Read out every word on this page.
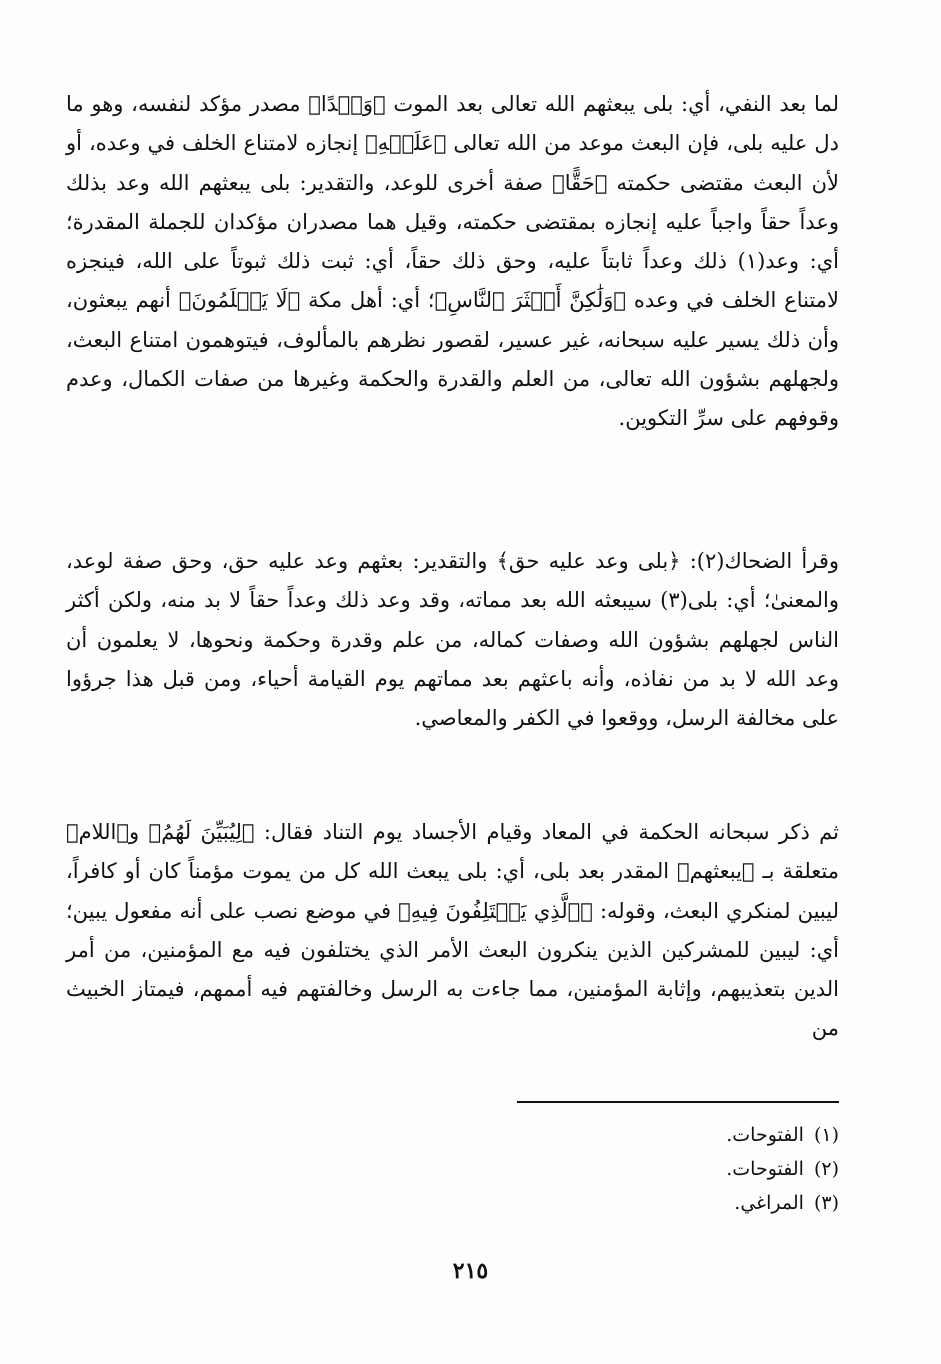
لما بعد النفي، أي: بلى يبعثهم الله تعالى بعد الموت ﴿وَعۡدًا﴾ مصدر مؤكد لنفسه، وهو ما دل عليه بلى، فإن البعث موعد من الله تعالى ﴿عَلَيۡهِ﴾ إنجازه لامتناع الخلف في وعده، أو لأن البعث مقتضى حكمته ﴿حَقًّا﴾ صفة أخرى للوعد، والتقدير: بلى يبعثهم الله وعد بذلك وعداً حقاً واجباً عليه إنجازه بمقتضى حكمته، وقيل هما مصدران مؤكدان للجملة المقدرة؛ أي: وعد(١) ذلك وعداً ثابتاً عليه، وحق ذلك حقاً، أي: ثبت ذلك ثبوتاً على الله، فينجزه لامتناع الخلف في وعده ﴿وَلَٰكِنَّ أَكۡثَرَ ٱلنَّاسِ﴾؛ أي: أهل مكة ﴿لَا يَعۡلَمُونَ﴾ أنهم يبعثون، وأن ذلك يسير عليه سبحانه، غير عسير، لقصور نظرهم بالمألوف، فيتوهمون امتناع البعث، ولجهلهم بشؤون الله تعالى، من العلم والقدرة والحكمة وغيرها من صفات الكمال، وعدم وقوفهم على سرِّ التكوين.

وقرأ الضحاك(٢): ﴿بلى وعد عليه حق﴾ والتقدير: بعثهم وعد عليه حق، وحق صفة لوعد، والمعنىٰ؛ أي: بلى(٣) سيبعثه الله بعد مماته، وقد وعد ذلك وعداً حقاً لا بد منه، ولكن أكثر الناس لجهلهم بشؤون الله وصفات كماله، من علم وقدرة وحكمة ونحوها، لا يعلمون أن وعد الله لا بد من نفاذه، وأنه باعثهم بعد مماتهم يوم القيامة أحياء، ومن قبل هذا جرؤوا على مخالفة الرسل، ووقعوا في الكفر والمعاصي.

ثم ذكر سبحانه الحكمة في المعاد وقيام الأجساد يوم التناد فقال: ﴿لِيُبَيِّنَ لَهُمُ﴾ و﴿اللام﴾ متعلقة بـ ﴿يبعثهم﴾ المقدر بعد بلى، أي: بلى يبعث الله كل من يموت مؤمناً كان أو كافراً، ليبين لمنكري البعث، وقوله: ﴿ٱلَّذِي يَخۡتَلِفُونَ فِيهِ﴾ في موضع نصب على أنه مفعول يبين؛ أي: ليبين للمشركين الذين ينكرون البعث الأمر الذي يختلفون فيه مع المؤمنين، من أمر الدين بتعذيبهم، وإثابة المؤمنين، مما جاءت به الرسل وخالفتهم فيه أممهم، فيمتاز الخبيث من

(١)
الفتوحات.
(٢)
الفتوحات.
(٣)
المراغي.
٢١٥
